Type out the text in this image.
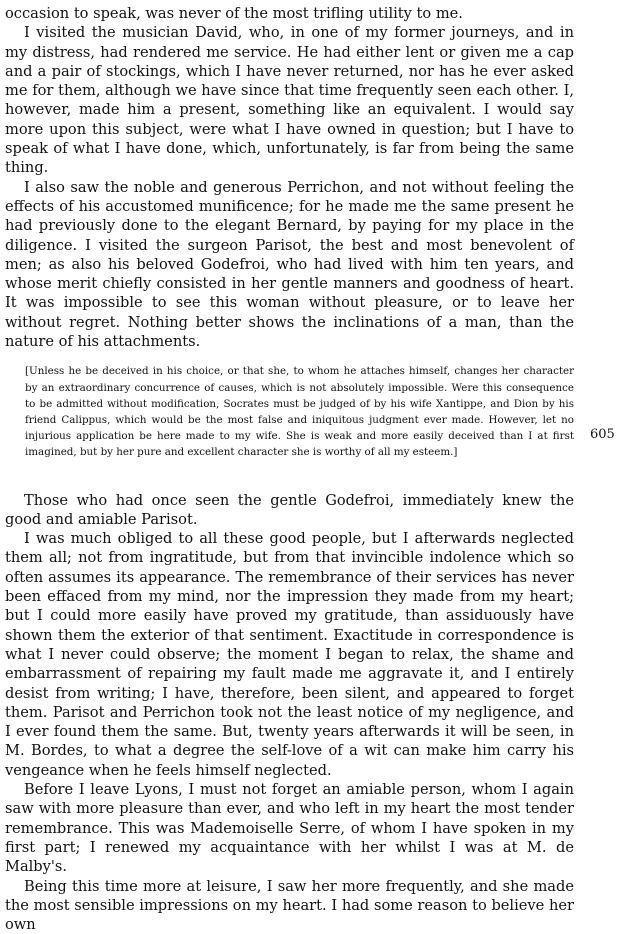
occasion to speak, was never of the most trifling utility to me.

I visited the musician David, who, in one of my former journeys, and in my distress, had rendered me service. He had either lent or given me a cap and a pair of stockings, which I have never returned, nor has he ever asked me for them, although we have since that time frequently seen each other. I, however, made him a present, something like an equivalent. I would say more upon this subject, were what I have owned in question; but I have to speak of what I have done, which, unfortunately, is far from being the same thing.

I also saw the noble and generous Perrichon, and not without feeling the effects of his accustomed munificence; for he made me the same present he had previously done to the elegant Bernard, by paying for my place in the diligence. I visited the surgeon Parisot, the best and most benevolent of men; as also his beloved Godefroi, who had lived with him ten years, and whose merit chiefly consisted in her gentle manners and goodness of heart. It was impossible to see this woman without pleasure, or to leave her without regret. Nothing better shows the inclinations of a man, than the nature of his attachments.

[Unless he be deceived in his choice, or that she, to whom he attaches himself, changes her character by an extraordinary concurrence of causes, which is not absolutely impossible. Were this consequence to be admitted without modification, Socrates must be judged of by his wife Xantippe, and Dion by his friend Calippus, which would be the most false and iniquitous judgment ever made. However, let no injurious application be here made to my wife. She is weak and more easily deceived than I at first imagined, but by her pure and excellent character she is worthy of all my esteem.]

Those who had once seen the gentle Godefroi, immediately knew the good and amiable Parisot.

I was much obliged to all these good people, but I afterwards neglected them all; not from ingratitude, but from that invincible indolence which so often assumes its appearance. The remembrance of their services has never been effaced from my mind, nor the impression they made from my heart; but I could more easily have proved my gratitude, than assiduously have shown them the exterior of that sentiment. Exactitude in correspondence is what I never could observe; the moment I began to relax, the shame and embarrassment of repairing my fault made me aggravate it, and I entirely desist from writing; I have, therefore, been silent, and appeared to forget them. Parisot and Perrichon took not the least notice of my negligence, and I ever found them the same. But, twenty years afterwards it will be seen, in M. Bordes, to what a degree the self-love of a wit can make him carry his vengeance when he feels himself neglected.

Before I leave Lyons, I must not forget an amiable person, whom I again saw with more pleasure than ever, and who left in my heart the most tender remembrance. This was Mademoiselle Serre, of whom I have spoken in my first part; I renewed my acquaintance with her whilst I was at M. de Malby's.

Being this time more at leisure, I saw her more frequently, and she made the most sensible impressions on my heart. I had some reason to believe her own

605
